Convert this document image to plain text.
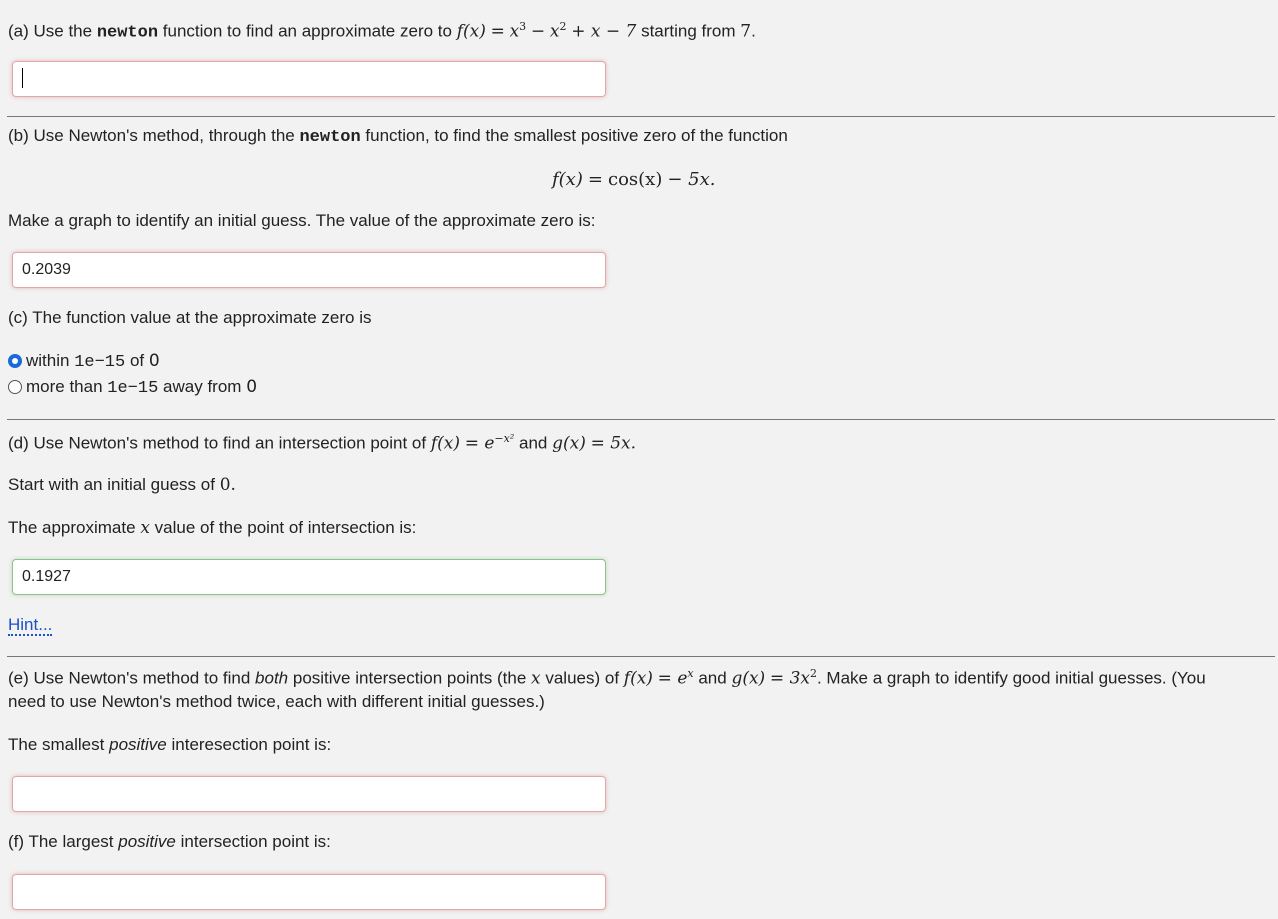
(a) Use the newton function to find an approximate zero to $f(x) = x^3 - x^2 + x - 7$ starting from 7.
(b) Use Newton's method, through the newton function, to find the smallest positive zero of the function
f(x) = cos(x) − 5x.
Make a graph to identify an initial guess. The value of the approximate zero is:
0.2039
(c) The function value at the approximate zero is
within 1e−15 of 0
more than 1e−15 away from 0
(d) Use Newton's method to find an intersection point of $f(x) = e^{-x^2}$ and g(x) = 5x.
Start with an initial guess of 0.
The approximate x value of the point of intersection is:
0.1927
Hint...
(e) Use Newton's method to find both positive intersection points (the x values) of $f(x) = e^x$ and $g(x) = 3x^2$. Make a graph to identify good initial guesses. (You
need to use Newton's method twice, each with different initial guesses.)
The smallest positive interesection point is:
(f) The largest positive intersection point is:
